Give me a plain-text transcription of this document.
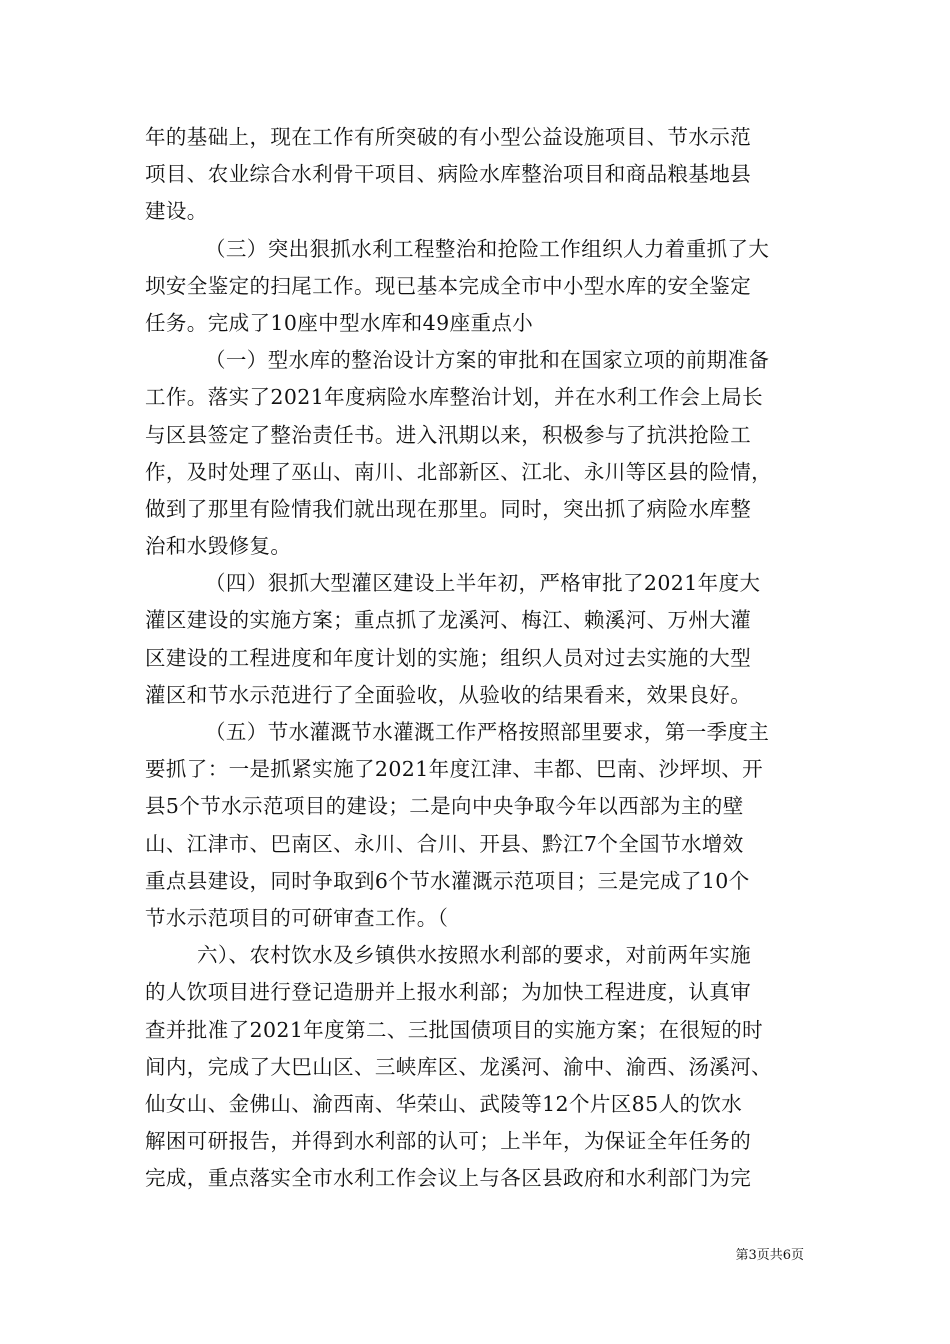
年的基础上，现在工作有所突破的有小型公益设施项目、节水示范
项目、农业综合水利骨干项目、病险水库整治项目和商品粮基地县
建设。
（三）突出狠抓水利工程整治和抢险工作组织人力着重抓了大
坝安全鉴定的扫尾工作。现已基本完成全市中小型水库的安全鉴定
任务。完成了10座中型水库和49座重点小
（一）型水库的整治设计方案的审批和在国家立项的前期准备
工作。落实了2021年度病险水库整治计划，并在水利工作会上局长
与区县签定了整治责任书。进入汛期以来，积极参与了抗洪抢险工
作，及时处理了巫山、南川、北部新区、江北、永川等区县的险情，
做到了那里有险情我们就出现在那里。同时，突出抓了病险水库整
治和水毁修复。
（四）狠抓大型灌区建设上半年初，严格审批了2021年度大
灌区建设的实施方案；重点抓了龙溪河、梅江、赖溪河、万州大灌
区建设的工程进度和年度计划的实施；组织人员对过去实施的大型
灌区和节水示范进行了全面验收，从验收的结果看来，效果良好。
（五）节水灌溉节水灌溉工作严格按照部里要求，第一季度主
要抓了：一是抓紧实施了2021年度江津、丰都、巴南、沙坪坝、开
县5个节水示范项目的建设；二是向中央争取今年以西部为主的壁
山、江津市、巴南区、永川、合川、开县、黔江7个全国节水增效
重点县建设，同时争取到6个节水灌溉示范项目；三是完成了10个
节水示范项目的可研审查工作。（
六）、农村饮水及乡镇供水按照水利部的要求，对前两年实施
的人饮项目进行登记造册并上报水利部；为加快工程进度，认真审
查并批准了2021年度第二、三批国债项目的实施方案；在很短的时
间内，完成了大巴山区、三峡库区、龙溪河、渝中、渝西、汤溪河、
仙女山、金佛山、渝西南、华荣山、武陵等12个片区85人的饮水
解困可研报告，并得到水利部的认可；上半年，为保证全年任务的
完成，重点落实全市水利工作会议上与各区县政府和水利部门为完
第3页共6页
